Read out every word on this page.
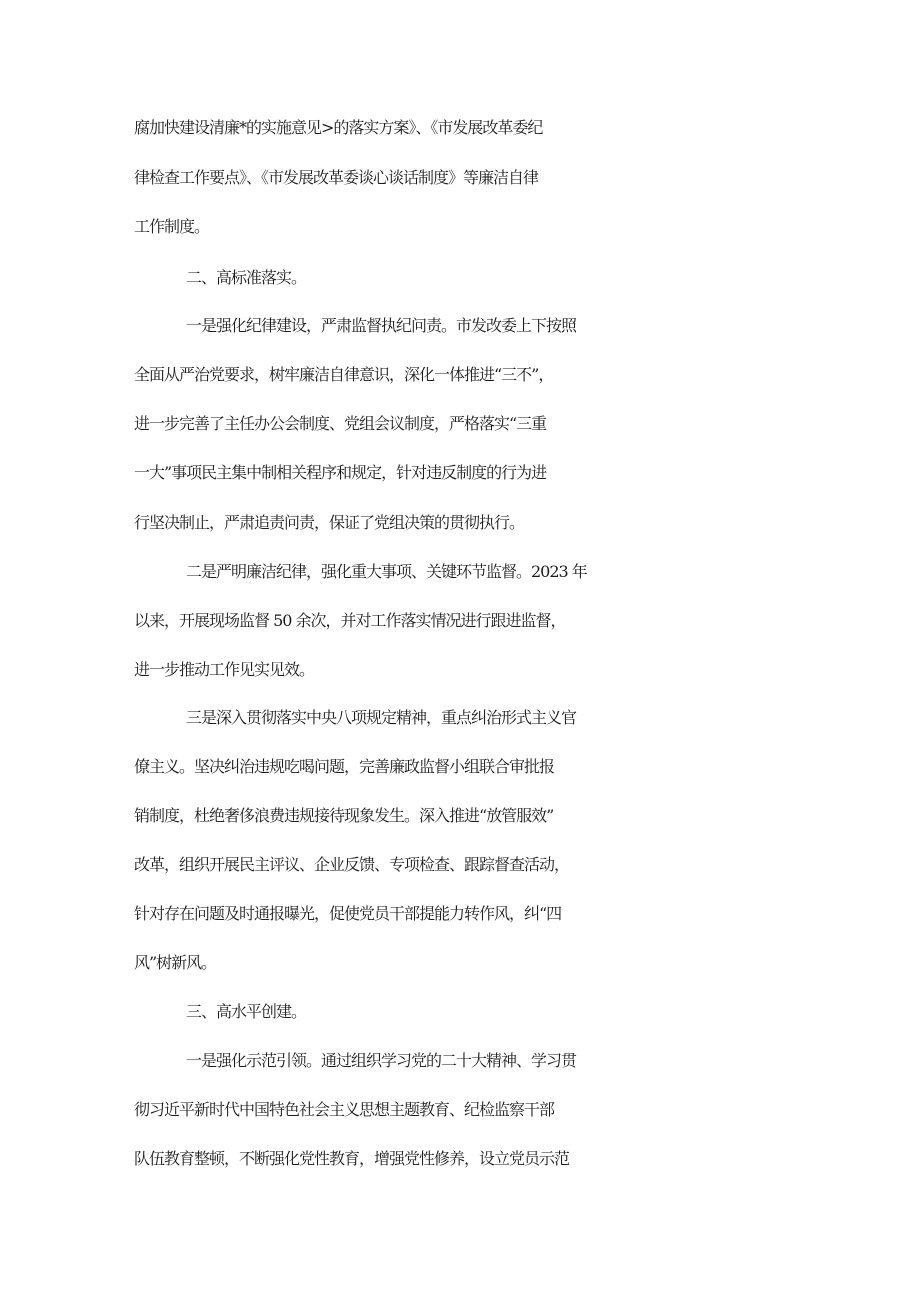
腐加快建设清廉*的实施意见>的落实方案》、《市发展改革委纪
律检查工作要点》、《市发展改革委谈心谈话制度》等廉洁自律
工作制度。
二、高标准落实。
一是强化纪律建设，严肃监督执纪问责。市发改委上下按照
全面从严治党要求，树牢廉洁自律意识，深化一体推进“三不”，
进一步完善了主任办公会制度、党组会议制度，严格落实“三重
一大”事项民主集中制相关程序和规定，针对违反制度的行为进
行坚决制止，严肃追责问责，保证了党组决策的贯彻执行。
二是严明廉洁纪律，强化重大事项、关键环节监督。2023 年
以来，开展现场监督 50 余次，并对工作落实情况进行跟进监督，
进一步推动工作见实见效。
三是深入贯彻落实中央八项规定精神，重点纠治形式主义官
僚主义。坚决纠治违规吃喝问题，完善廉政监督小组联合审批报
销制度，杜绝奢侈浪费违规接待现象发生。深入推进“放管服效”
改革，组织开展民主评议、企业反馈、专项检查、跟踪督查活动，
针对存在问题及时通报曝光，促使党员干部提能力转作风，纠“四
风”树新风。
三、高水平创建。
一是强化示范引领。通过组织学习党的二十大精神、学习贯
彻习近平新时代中国特色社会主义思想主题教育、纪检监察干部
队伍教育整顿，不断强化党性教育，增强党性修养，设立党员示范
